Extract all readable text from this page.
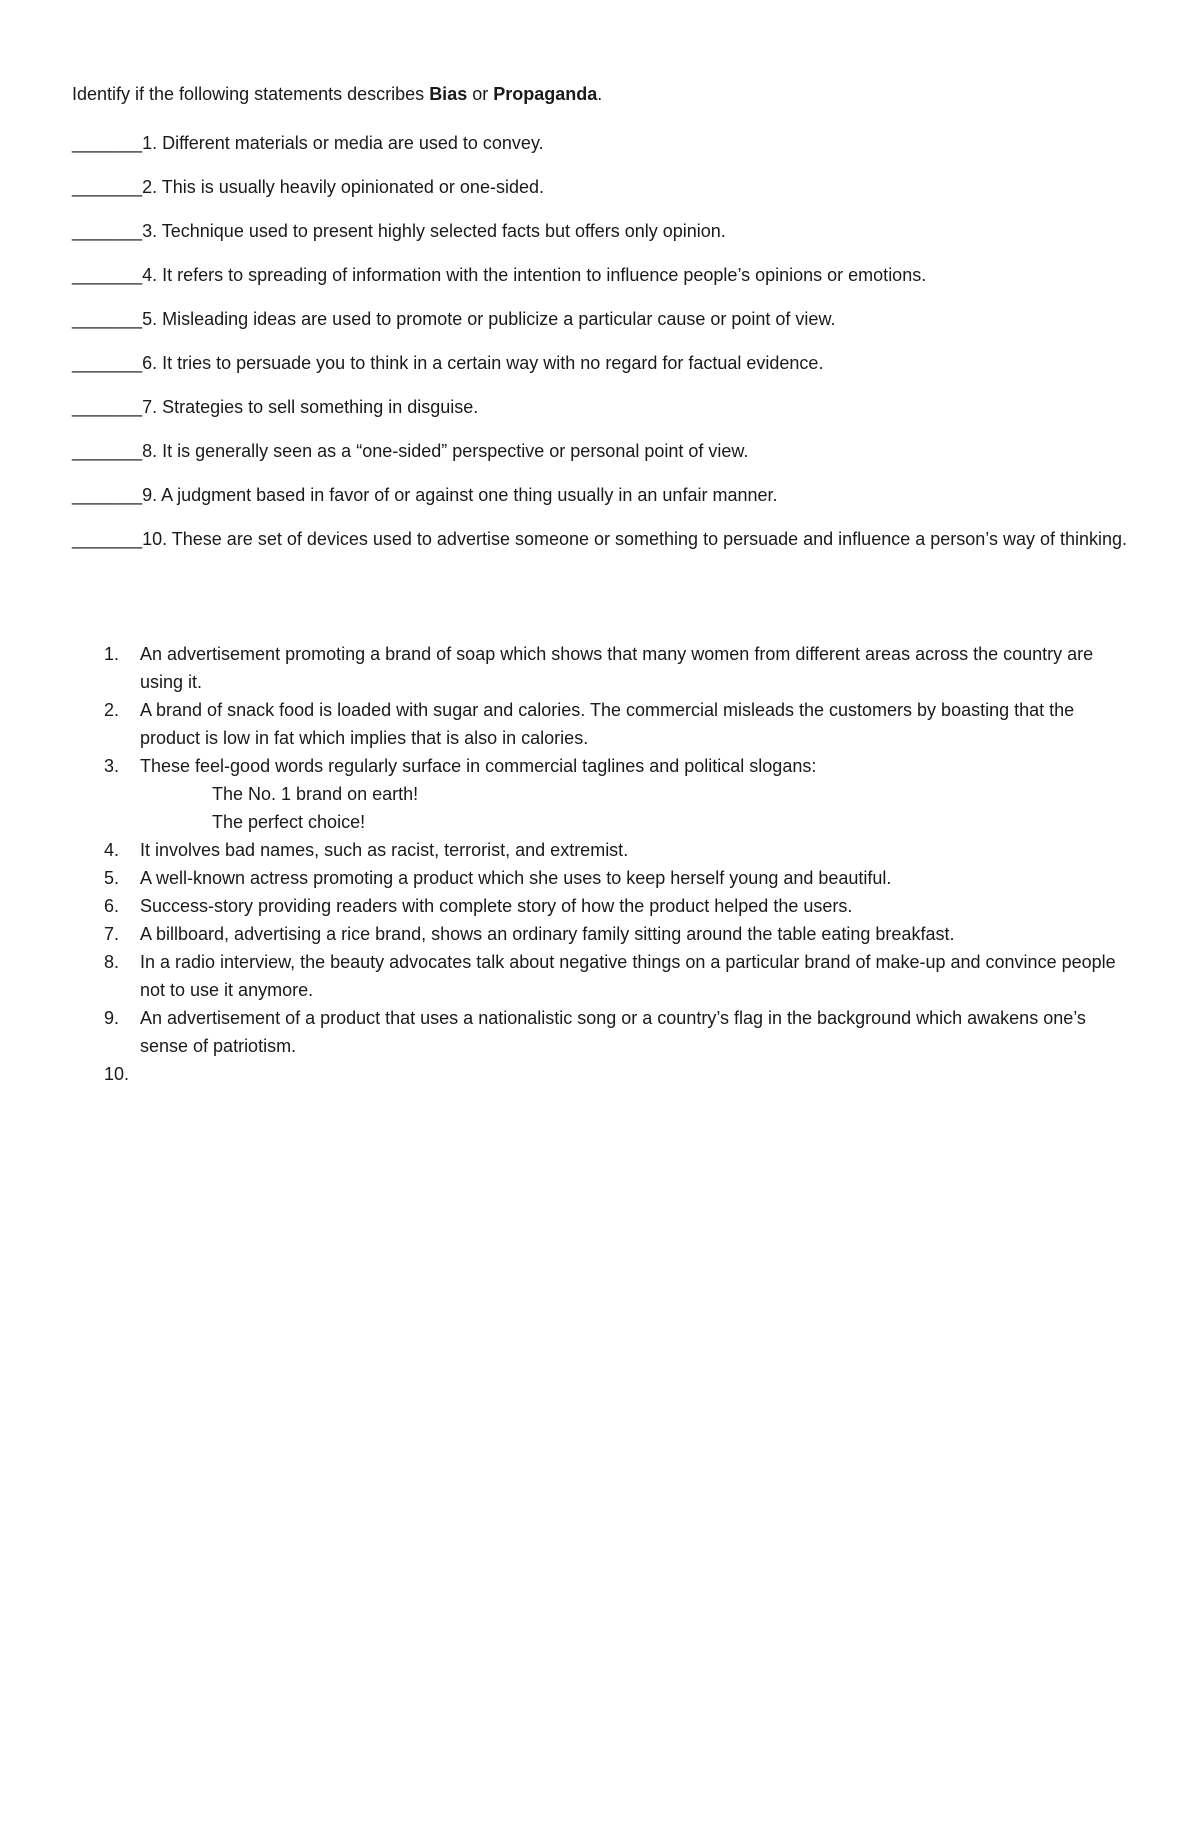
Identify if the following statements describes Bias or Propaganda.
_______1. Different materials or media are used to convey.
_______2. This is usually heavily opinionated or one-sided.
_______3. Technique used to present highly selected facts but offers only opinion.
_______4. It refers to spreading of information with the intention to influence people’s opinions or emotions.
_______5. Misleading ideas are used to promote or publicize a particular cause or point of view.
_______6. It tries to persuade you to think in a certain way with no regard for factual evidence.
_______7. Strategies to sell something in disguise.
_______8. It is generally seen as a “one-sided” perspective or personal point of view.
_______9. A judgment based in favor of or against one thing usually in an unfair manner.
_______10. These are set of devices used to advertise someone or something to persuade and influence a person’s way of thinking.
1. An advertisement promoting a brand of soap which shows that many women from different areas across the country are using it.
2. A brand of snack food is loaded with sugar and calories. The commercial misleads the customers by boasting that the product is low in fat which implies that is also in calories.
3. These feel-good words regularly surface in commercial taglines and political slogans:
The No. 1 brand on earth!
The perfect choice!
4. It involves bad names, such as racist, terrorist, and extremist.
5. A well-known actress promoting a product which she uses to keep herself young and beautiful.
6. Success-story providing readers with complete story of how the product helped the users.
7. A billboard, advertising a rice brand, shows an ordinary family sitting around the table eating breakfast.
8. In a radio interview, the beauty advocates talk about negative things on a particular brand of make-up and convince people not to use it anymore.
9. An advertisement of a product that uses a nationalistic song or a country’s flag in the background which awakens one’s sense of patriotism.
10.
